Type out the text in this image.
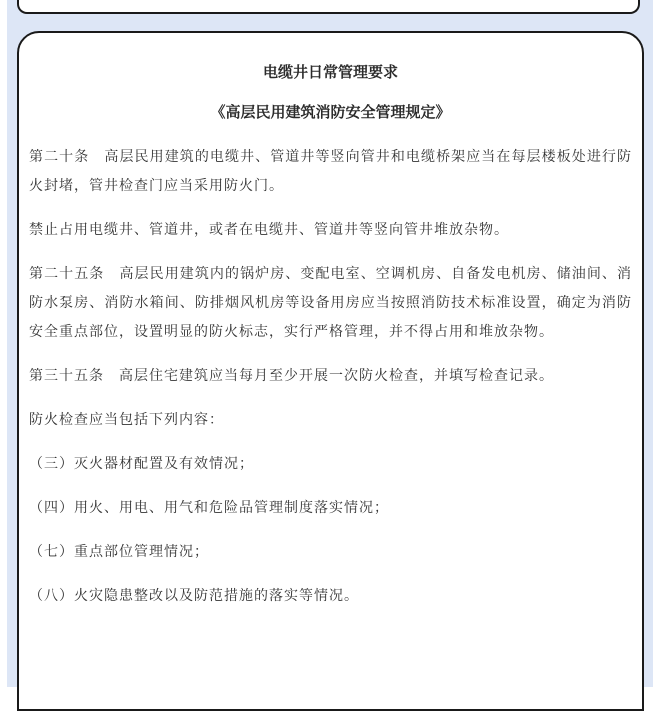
电缆井日常管理要求
《高层民用建筑消防安全管理规定》

第二十条　高层民用建筑的电缆井、管道井等竖向管井和电缆桥架应当在每层楼板处进行防火封堵，管井检查门应当采用防火门。

禁止占用电缆井、管道井，或者在电缆井、管道井等竖向管井堆放杂物。

第二十五条　高层民用建筑内的锅炉房、变配电室、空调机房、自备发电机房、储油间、消防水泵房、消防水箱间、防排烟风机房等设备用房应当按照消防技术标准设置，确定为消防安全重点部位，设置明显的防火标志，实行严格管理，并不得占用和堆放杂物。

第三十五条　高层住宅建筑应当每月至少开展一次防火检查，并填写检查记录。

防火检查应当包括下列内容：

（三）灭火器材配置及有效情况；

（四）用火、用电、用气和危险品管理制度落实情况；

（七）重点部位管理情况；

（八）火灾隐患整改以及防范措施的落实等情况。
